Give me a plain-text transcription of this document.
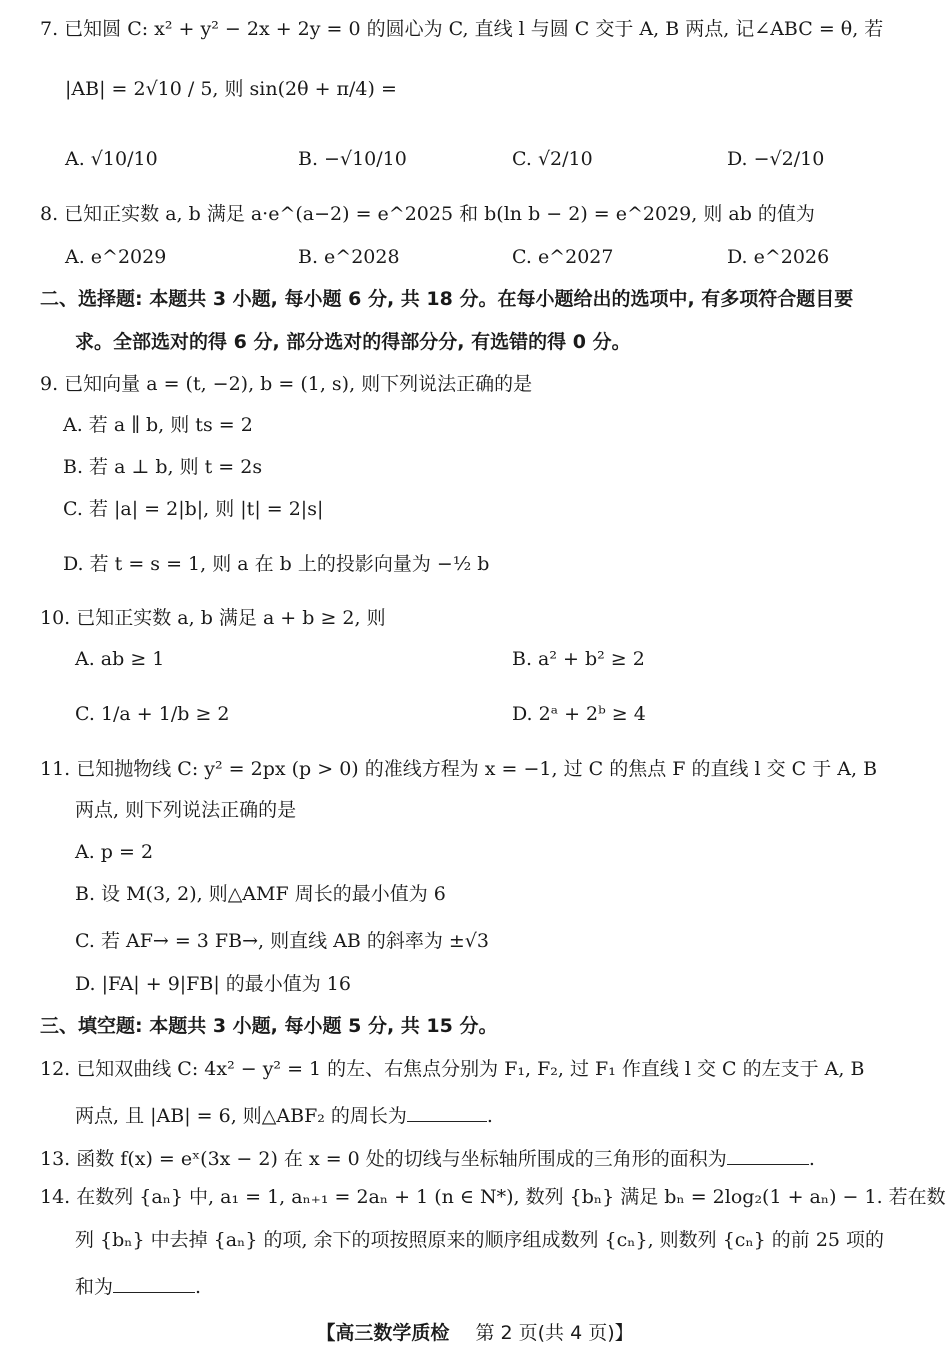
7. 已知圆 C: x² + y² − 2x + 2y = 0 的圆心为 C, 直线 l 与圆 C 交于 A, B 两点, 记∠ABC = θ, 若
|AB| = 2√10 / 5, 则 sin(2θ + π/4) =
A. √10/10	B. −√10/10	C. √2/10	D. −√2/10
8. 已知正实数 a, b 满足 a·e^(a−2) = e^2025 和 b(ln b − 2) = e^2029, 则 ab 的值为
A. e^2029	B. e^2028	C. e^2027	D. e^2026
二、选择题: 本题共 3 小题, 每小题 6 分, 共 18 分。在每小题给出的选项中, 有多项符合题目要
求。全部选对的得 6 分, 部分选对的得部分分, 有选错的得 0 分。
9. 已知向量 a = (t, −2), b = (1, s), 则下列说法正确的是
A. 若 a ∥ b, 则 ts = 2
B. 若 a ⊥ b, 则 t = 2s
C. 若 |a| = 2|b|, 则 |t| = 2|s|
D. 若 t = s = 1, 则 a 在 b 上的投影向量为 −½ b
10. 已知正实数 a, b 满足 a + b ≥ 2, 则
A. ab ≥ 1	B. a² + b² ≥ 2
C. 1/a + 1/b ≥ 2	D. 2ᵃ + 2ᵇ ≥ 4
11. 已知抛物线 C: y² = 2px (p > 0) 的准线方程为 x = −1, 过 C 的焦点 F 的直线 l 交 C 于 A, B
两点, 则下列说法正确的是
A. p = 2
B. 设 M(3, 2), 则△AMF 周长的最小值为 6
C. 若 AF→ = 3 FB→, 则直线 AB 的斜率为 ±√3
D. |FA| + 9|FB| 的最小值为 16
三、填空题: 本题共 3 小题, 每小题 5 分, 共 15 分。
12. 已知双曲线 C: 4x² − y² = 1 的左、右焦点分别为 F₁, F₂, 过 F₁ 作直线 l 交 C 的左支于 A, B
两点, 且 |AB| = 6, 则△ABF₂ 的周长为	.
13. 函数 f(x) = eˣ(3x − 2) 在 x = 0 处的切线与坐标轴所围成的三角形的面积为	.
14. 在数列 {aₙ} 中, a₁ = 1, aₙ₊₁ = 2aₙ + 1 (n ∈ N*), 数列 {bₙ} 满足 bₙ = 2log₂(1 + aₙ) − 1. 若在数
列 {bₙ} 中去掉 {aₙ} 的项, 余下的项按照原来的顺序组成数列 {cₙ}, 则数列 {cₙ} 的前 25 项的
和为	.
【高三数学质检 第 2 页(共 4 页)】
